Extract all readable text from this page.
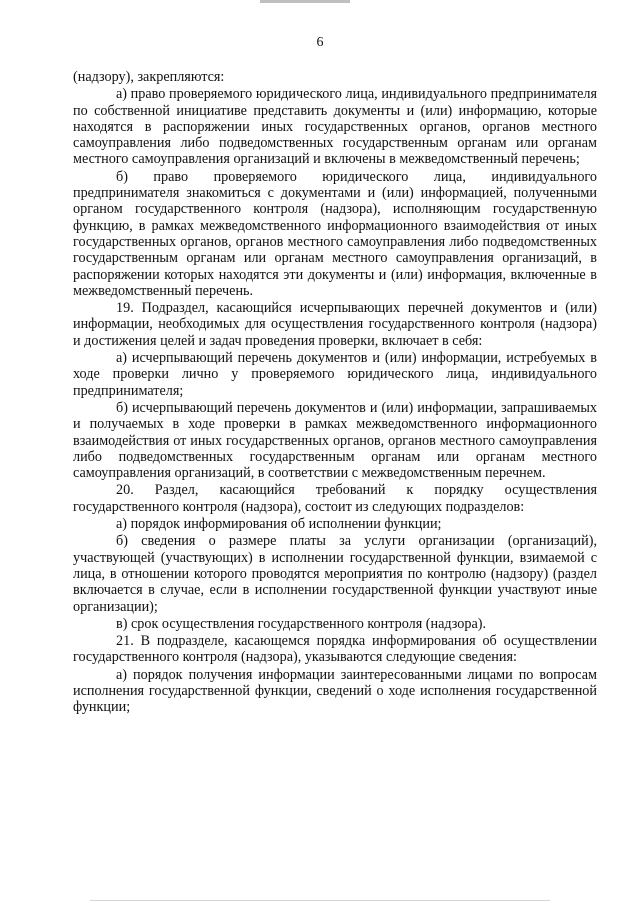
6

(надзору), закрепляются:

а) право проверяемого юридического лица, индивидуального предпринимателя по собственной инициативе представить документы и (или) информацию, которые находятся в распоряжении иных государственных органов, органов местного самоуправления либо подведомственных государственным органам или органам местного самоуправления организаций и включены в межведомственный перечень;

б) право проверяемого юридического лица, индивидуального предпринимателя знакомиться с документами и (или) информацией, полученными органом государственного контроля (надзора), исполняющим государственную функцию, в рамках межведомственного информационного взаимодействия от иных государственных органов, органов местного самоуправления либо подведомственных государственным органам или органам местного самоуправления организаций, в распоряжении которых находятся эти документы и (или) информация, включенные в межведомственный перечень.

19. Подраздел, касающийся исчерпывающих перечней документов и (или) информации, необходимых для осуществления государственного контроля (надзора) и достижения целей и задач проведения проверки, включает в себя:

а) исчерпывающий перечень документов и (или) информации, истребуемых в ходе проверки лично у проверяемого юридического лица, индивидуального предпринимателя;

б) исчерпывающий перечень документов и (или) информации, запрашиваемых и получаемых в ходе проверки в рамках межведомственного информационного взаимодействия от иных государственных органов, органов местного самоуправления либо подведомственных государственным органам или органам местного самоуправления организаций, в соответствии с межведомственным перечнем.

20. Раздел, касающийся требований к порядку осуществления государственного контроля (надзора), состоит из следующих подразделов:

а) порядок информирования об исполнении функции;

б) сведения о размере платы за услуги организации (организаций), участвующей (участвующих) в исполнении государственной функции, взимаемой с лица, в отношении которого проводятся мероприятия по контролю (надзору) (раздел включается в случае, если в исполнении государственной функции участвуют иные организации);

в) срок осуществления государственного контроля (надзора).

21. В подразделе, касающемся порядка информирования об осуществлении государственного контроля (надзора), указываются следующие сведения:

а) порядок получения информации заинтересованными лицами по вопросам исполнения государственной функции, сведений о ходе исполнения государственной функции;
